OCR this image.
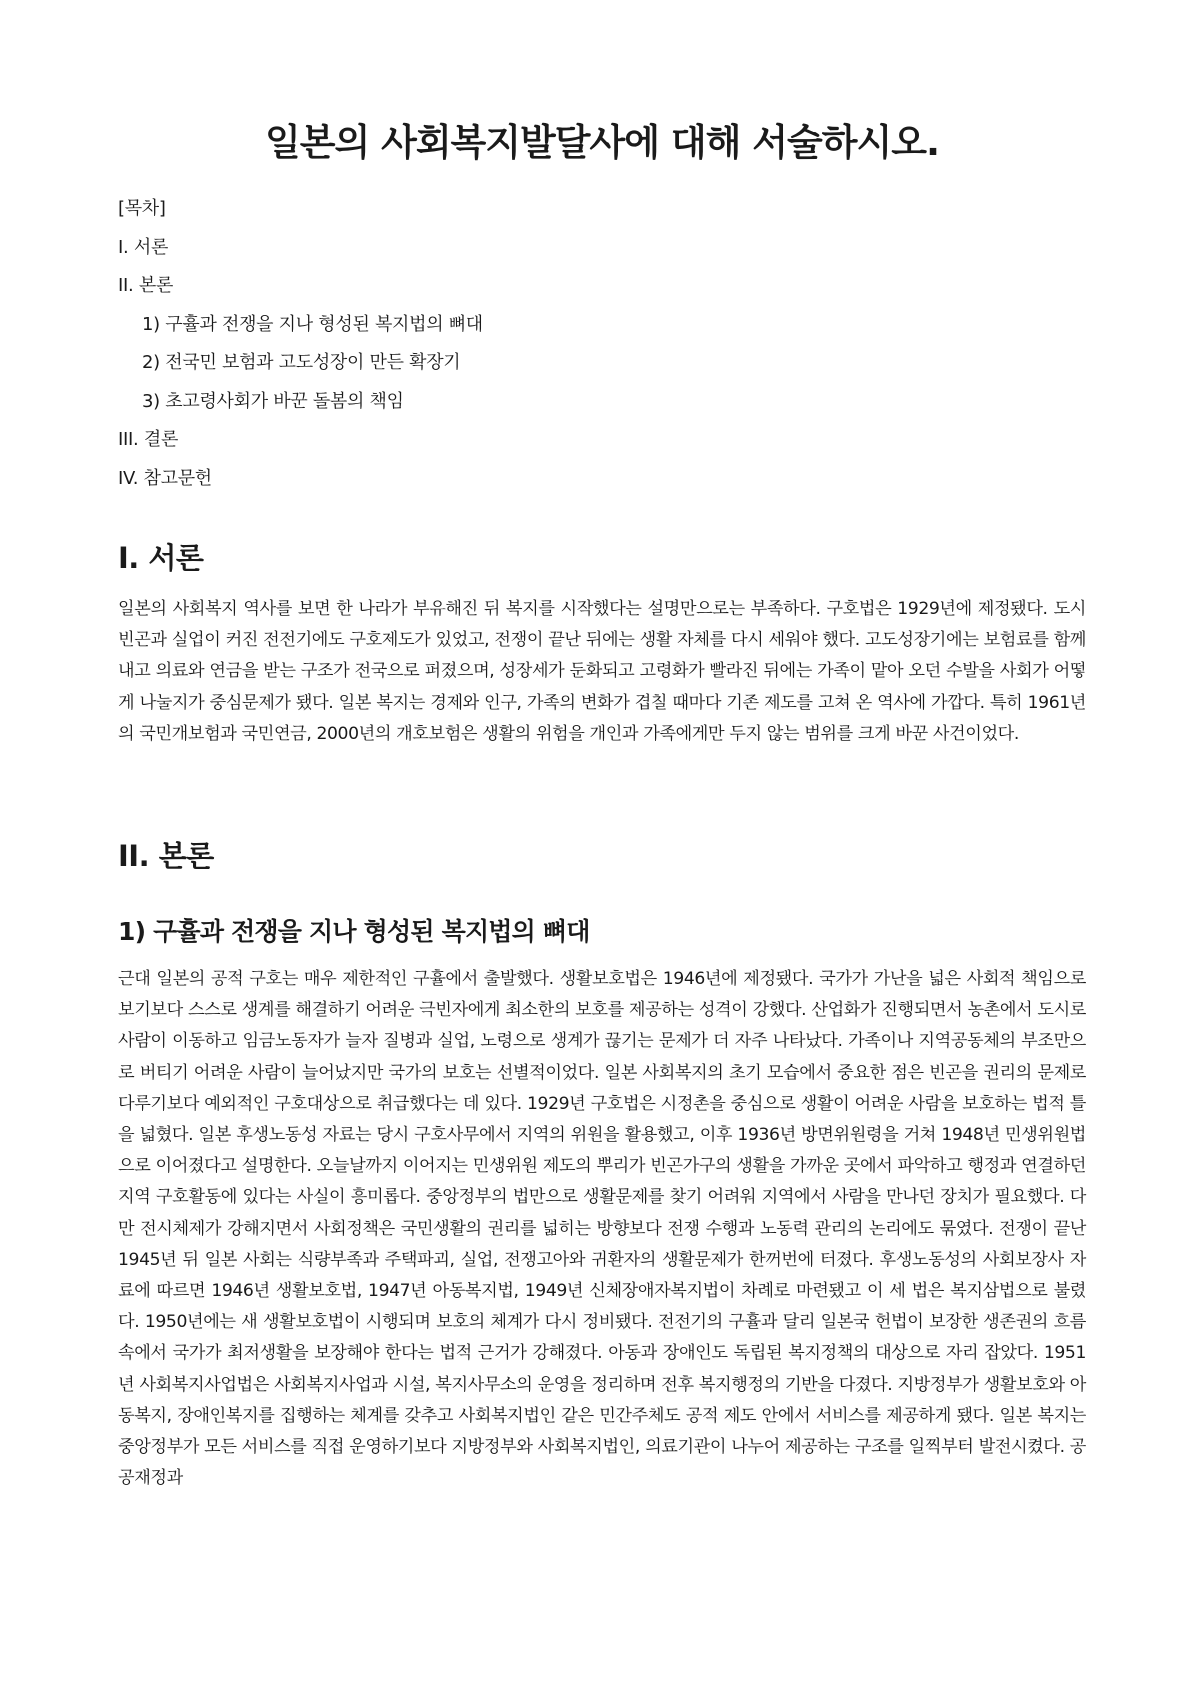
일본의 사회복지발달사에 대해 서술하시오.
[목차]
I. 서론
II. 본론
1) 구휼과 전쟁을 지나 형성된 복지법의 뼈대
2) 전국민 보험과 고도성장이 만든 확장기
3) 초고령사회가 바꾼 돌봄의 책임
III. 결론
IV. 참고문헌
I. 서론

일본의 사회복지 역사를 보면 한 나라가 부유해진 뒤 복지를 시작했다는 설명만으로는 부족하다. 구호법은 1929년에 제정됐다. 도시빈곤과 실업이 커진 전전기에도 구호제도가 있었고, 전쟁이 끝난 뒤에는 생활 자체를 다시 세워야 했다. 고도성장기에는 보험료를 함께 내고 의료와 연금을 받는 구조가 전국으로 퍼졌으며, 성장세가 둔화되고 고령화가 빨라진 뒤에는 가족이 맡아 오던 수발을 사회가 어떻게 나눌지가 중심문제가 됐다. 일본 복지는 경제와 인구, 가족의 변화가 겹칠 때마다 기존 제도를 고쳐 온 역사에 가깝다. 특히 1961년의 국민개보험과 국민연금, 2000년의 개호보험은 생활의 위험을 개인과 가족에게만 두지 않는 범위를 크게 바꾼 사건이었다.

II. 본론
1) 구휼과 전쟁을 지나 형성된 복지법의 뼈대

근대 일본의 공적 구호는 매우 제한적인 구휼에서 출발했다. 생활보호법은 1946년에 제정됐다. 국가가 가난을 넓은 사회적 책임으로 보기보다 스스로 생계를 해결하기 어려운 극빈자에게 최소한의 보호를 제공하는 성격이 강했다. 산업화가 진행되면서 농촌에서 도시로 사람이 이동하고 임금노동자가 늘자 질병과 실업, 노령으로 생계가 끊기는 문제가 더 자주 나타났다. 가족이나 지역공동체의 부조만으로 버티기 어려운 사람이 늘어났지만 국가의 보호는 선별적이었다. 일본 사회복지의 초기 모습에서 중요한 점은 빈곤을 권리의 문제로 다루기보다 예외적인 구호대상으로 취급했다는 데 있다. 1929년 구호법은 시정촌을 중심으로 생활이 어려운 사람을 보호하는 법적 틀을 넓혔다. 일본 후생노동성 자료는 당시 구호사무에서 지역의 위원을 활용했고, 이후 1936년 방면위원령을 거쳐 1948년 민생위원법으로 이어졌다고 설명한다. 오늘날까지 이어지는 민생위원 제도의 뿌리가 빈곤가구의 생활을 가까운 곳에서 파악하고 행정과 연결하던 지역 구호활동에 있다는 사실이 흥미롭다. 중앙정부의 법만으로 생활문제를 찾기 어려워 지역에서 사람을 만나던 장치가 필요했다. 다만 전시체제가 강해지면서 사회정책은 국민생활의 권리를 넓히는 방향보다 전쟁 수행과 노동력 관리의 논리에도 묶였다. 전쟁이 끝난 1945년 뒤 일본 사회는 식량부족과 주택파괴, 실업, 전쟁고아와 귀환자의 생활문제가 한꺼번에 터졌다. 후생노동성의 사회보장사 자료에 따르면 1946년 생활보호법, 1947년 아동복지법, 1949년 신체장애자복지법이 차례로 마련됐고 이 세 법은 복지삼법으로 불렸다. 1950년에는 새 생활보호법이 시행되며 보호의 체계가 다시 정비됐다. 전전기의 구휼과 달리 일본국 헌법이 보장한 생존권의 흐름 속에서 국가가 최저생활을 보장해야 한다는 법적 근거가 강해졌다. 아동과 장애인도 독립된 복지정책의 대상으로 자리 잡았다. 1951년 사회복지사업법은 사회복지사업과 시설, 복지사무소의 운영을 정리하며 전후 복지행정의 기반을 다졌다. 지방정부가 생활보호와 아동복지, 장애인복지를 집행하는 체계를 갖추고 사회복지법인 같은 민간주체도 공적 제도 안에서 서비스를 제공하게 됐다. 일본 복지는 중앙정부가 모든 서비스를 직접 운영하기보다 지방정부와 사회복지법인, 의료기관이 나누어 제공하는 구조를 일찍부터 발전시켰다. 공공재정과
